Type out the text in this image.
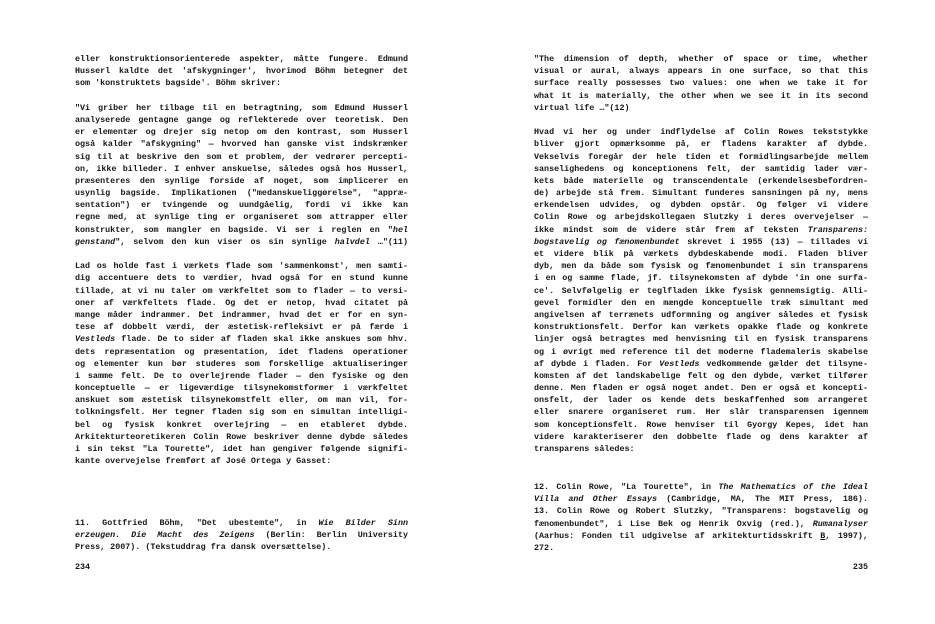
eller konstruktionsorienterede aspekter, måtte fungere. Edmund
Husserl kaldte det 'afskygninger', hvorimod Böhm betegner det
som 'konstruktets bagside'. Böhm skriver:
"Vi griber her tilbage til en betragtning, som Edmund Husserl
analyserede gentagne gange og reflekterede over teoretisk. Den
er elementær og drejer sig netop om den kontrast, som Husserl
også kalder "afskygning" — hvorved han ganske vist indskrænker
sig til at beskrive den som et problem, der vedrører percepti-
on, ikke billeder. I enhver anskuelse, således også hos Husserl,
præsenteres den synlige forside af noget, som implicerer en
usynlig bagside. Implikationen ("medanskueliggørelse", "appræ-
sentation") er tvingende og uundgåelig, fordi vi ikke kan
regne med, at synlige ting er organiseret som attrapper eller
konstrukter, som mangler en bagside. Vi ser i reglen en "hel
genstand", selvom den kun viser os sin synlige halvdel …"(11)
Lad os holde fast i værkets flade som 'sammenkomst', men samti-
dig accentuere dets to værdier, hvad også for en stund kunne
tillade, at vi nu taler om værkfeltet som to flader — to versi-
oner af værkfeltets flade. Og det er netop, hvad citatet på
mange måder indrammer. Det indrammer, hvad det er for en syn-
tese af dobbelt værdi, der æstetisk-refleksivt er på færde i
Vestleds flade. De to sider af fladen skal ikke anskues som hhv.
dets repræsentation og præsentation, idet fladens operationer
og elementer kun bør studeres som forskellige aktualiseringer
i samme felt. De to overlejrende flader — den fysiske og den
konceptuelle — er ligeværdige tilsynekomstformer i værkfeltet
anskuet som æstetisk tilsynekomstfelt eller, om man vil, for-
tolkningsfelt. Her tegner fladen sig som en simultan intelligi-
bel og fysisk konkret overlejring — en etableret dybde.
Arkitekturteoretikeren Colin Rowe beskriver denne dybde således
i sin tekst "La Tourette", idet han gengiver følgende signifi-
kante overvejelse fremført af José Ortega y Gasset:
11. Gottfried Böhm, "Det ubestemte", in Wie Bilder Sinn
erzeugen. Die Macht des Zeigens (Berlin: Berlin University
Press, 2007). (Tekstuddrag fra dansk oversættelse).
234
"The dimension of depth, whether of space or time, whether
visual or aural, always appears in one surface, so that this
surface really possesses two values: one when we take it for
what it is materially, the other when we see it in its second
virtual life …"(12)
Hvad vi her og under indflydelse af Colin Rowes tekststykke
bliver gjort opmærksomme på, er fladens karakter af dybde.
Vekselvis foregår der hele tiden et formidlingsarbejde mellem
sanselighedens og konceptionens felt, der samtidig lader vær-
kets både materielle og transcendentale (erkendelsesbefordren-
de) arbejde stå frem. Simultant funderes sansningen på ny, mens
erkendelsen udvides, og dybden opstår. Og følger vi videre
Colin Rowe og arbejdskollegaen Slutzky i deres overvejelser —
ikke mindst som de videre står frem af teksten Transparens:
bogstavelig og fænomenbundet skrevet i 1955 (13) — tillades vi
et videre blik på værkets dybdeskabende modi. Fladen bliver
dyb, men da både som fysisk og fænomenbundet i sin transparens
i en og samme flade, jf. tilsynekomsten af dybde 'in one surfa-
ce'. Selvfølgelig er teglfladen ikke fysisk gennemsigtig. Alli-
gevel formidler den en mængde konceptuelle træk simultant med
angivelsen af terrænets udformning og angiver således et fysisk
konstruktionsfelt. Derfor kan værkets opakke flade og konkrete
linjer også betragtes med henvisning til en fysisk transparens
og i øvrigt med reference til det moderne flademaleris skabelse
af dybde i fladen. For Vestleds vedkommende gælder det tilsyne-
komsten af det landskabelige felt og den dybde, værket tilfører
denne. Men fladen er også noget andet. Den er også et koncepti-
onsfelt, der lader os kende dets beskaffenhed som arrangeret
eller snarere organiseret rum. Her slår transparensen igennem
som konceptionsfelt. Rowe henviser til Gyorgy Kepes, idet han
videre karakteriserer den dobbelte flade og dens karakter af
transparens således:
12. Colin Rowe, "La Tourette", in The Mathematics of the Ideal
Villa and Other Essays (Cambridge, MA, The MIT Press, 186).
13. Colin Rowe og Robert Slutzky, "Transparens: bogstavelig og
fænomenbundet", i Lise Bek og Henrik Oxvig (red.), Rumanalyser
(Aarhus: Fonden til udgivelse af arkitekturtidsskrift B, 1997),
272.
235
